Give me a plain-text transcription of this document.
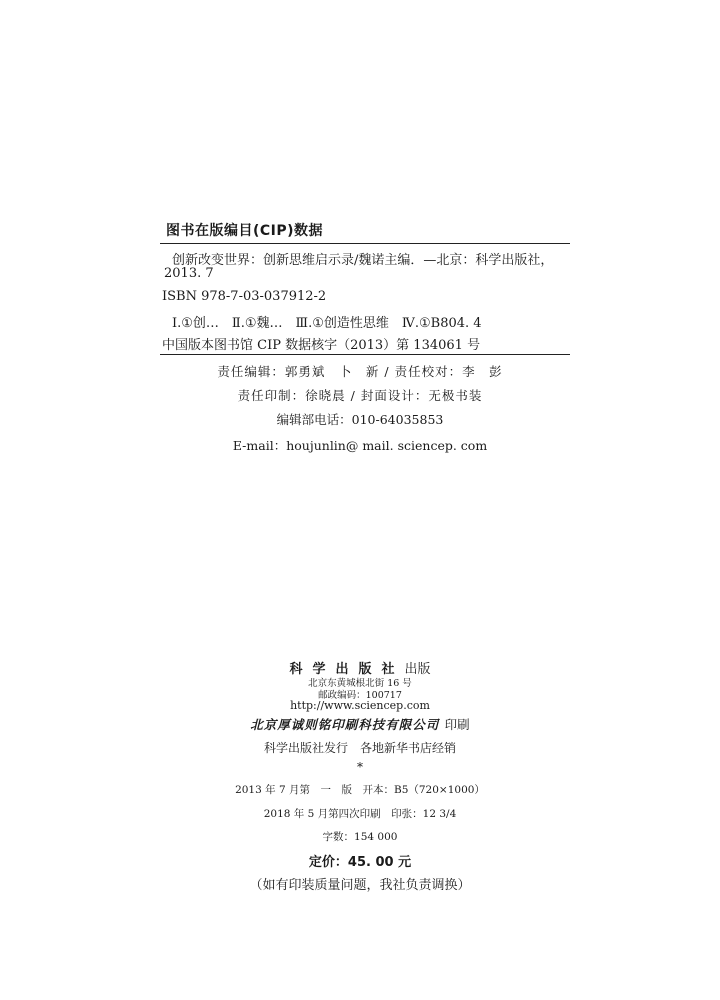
图书在版编目(CIP)数据
创新改变世界：创新思维启示录/魏诺主编．—北京：科学出版社，
2013. 7
ISBN 978-7-03-037912-2
Ⅰ.①创…　Ⅱ.①魏…　Ⅲ.①创造性思维　Ⅳ.①B804. 4
中国版本图书馆 CIP 数据核字（2013）第 134061 号
责任编辑：郭勇斌　卜　新 / 责任校对：李　彭
责任印制：徐晓晨 / 封面设计：无极书装
编辑部电话：010-64035853
E-mail：houjunlin@ mail. sciencep. com
科学出版社出版
北京东黄城根北街 16 号
邮政编码：100717
http://www.sciencep.com
北京厚诚则铭印刷科技有限公司 印刷
科学出版社发行　各地新华书店经销
*
2013 年 7 月第　一　版　开本：B5（720×1000）
2018 年 5 月第四次印刷　印张：12 3/4
字数：154 000
定价：45. 00 元
（如有印装质量问题，我社负责调换）
